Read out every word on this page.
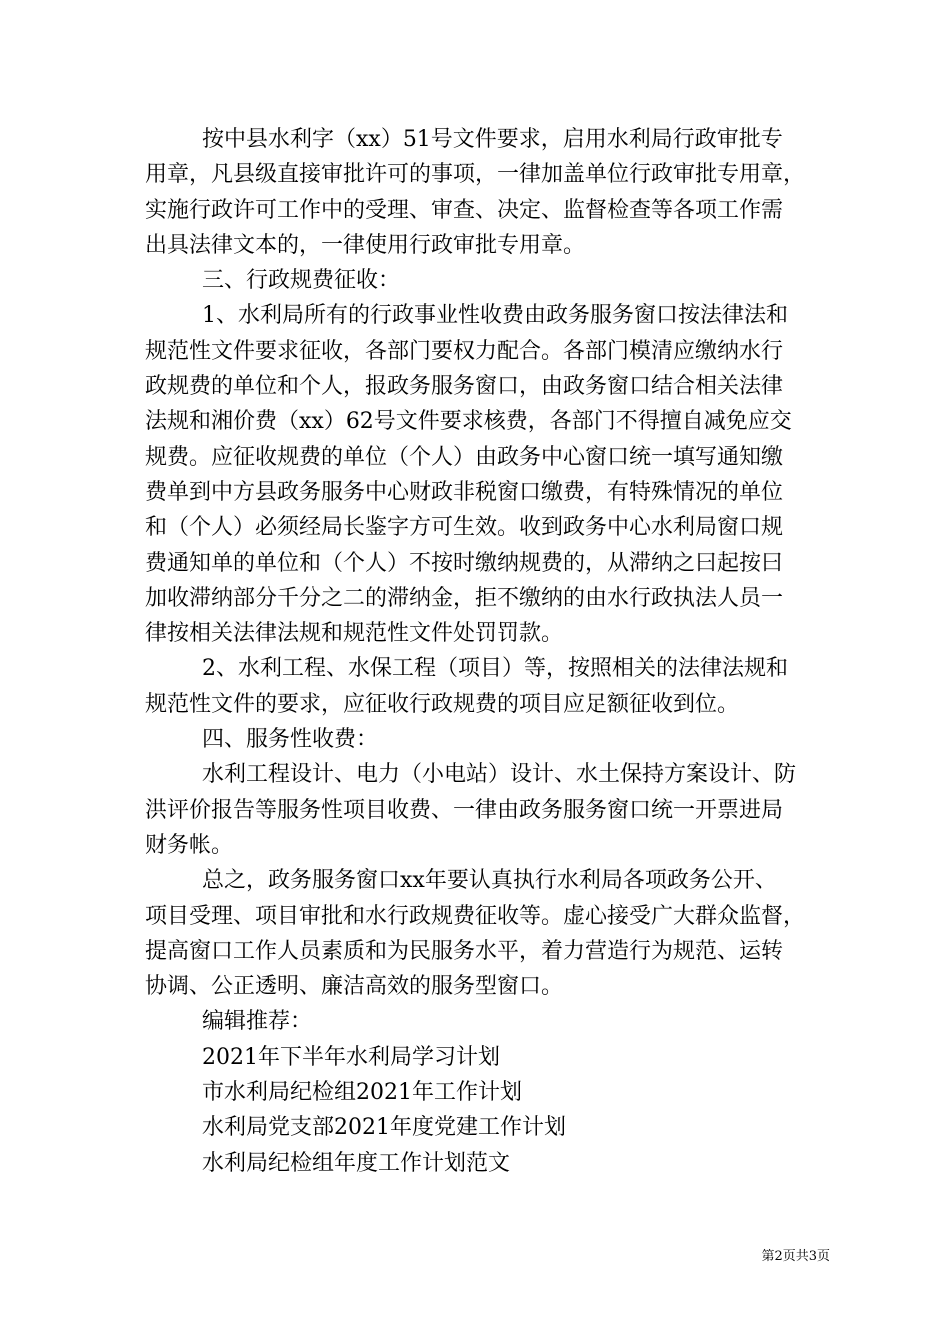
按中县水利字（xx）51号文件要求，启用水利局行政审批专
用章，凡县级直接审批许可的事项，一律加盖单位行政审批专用章，
实施行政许可工作中的受理、审查、决定、监督检查等各项工作需
出具法律文本的，一律使用行政审批专用章。
三、行政规费征收：
1、水利局所有的行政事业性收费由政务服务窗口按法律法和
规范性文件要求征收，各部门要权力配合。各部门模清应缴纳水行
政规费的单位和个人，报政务服务窗口，由政务窗口结合相关法律
法规和湘价费（xx）62号文件要求核费，各部门不得擅自减免应交
规费。应征收规费的单位（个人）由政务中心窗口统一填写通知缴
费单到中方县政务服务中心财政非税窗口缴费，有特殊情况的单位
和（个人）必须经局长鉴字方可生效。收到政务中心水利局窗口规
费通知单的单位和（个人）不按时缴纳规费的，从滞纳之曰起按曰
加收滞纳部分千分之二的滞纳金，拒不缴纳的由水行政执法人员一
律按相关法律法规和规范性文件处罚罚款。
2、水利工程、水保工程（项目）等，按照相关的法律法规和
规范性文件的要求，应征收行政规费的项目应足额征收到位。
四、服务性收费：
水利工程设计、电力（小电站）设计、水土保持方案设计、防
洪评价报告等服务性项目收费、一律由政务服务窗口统一开票进局
财务帐。
总之，政务服务窗口xx年要认真执行水利局各项政务公开、
项目受理、项目审批和水行政规费征收等。虚心接受广大群众监督，
提高窗口工作人员素质和为民服务水平，着力营造行为规范、运转
协调、公正透明、廉洁高效的服务型窗口。
编辑推荐：
2021年下半年水利局学习计划
市水利局纪检组2021年工作计划
水利局党支部2021年度党建工作计划
水利局纪检组年度工作计划范文
第2页共3页
